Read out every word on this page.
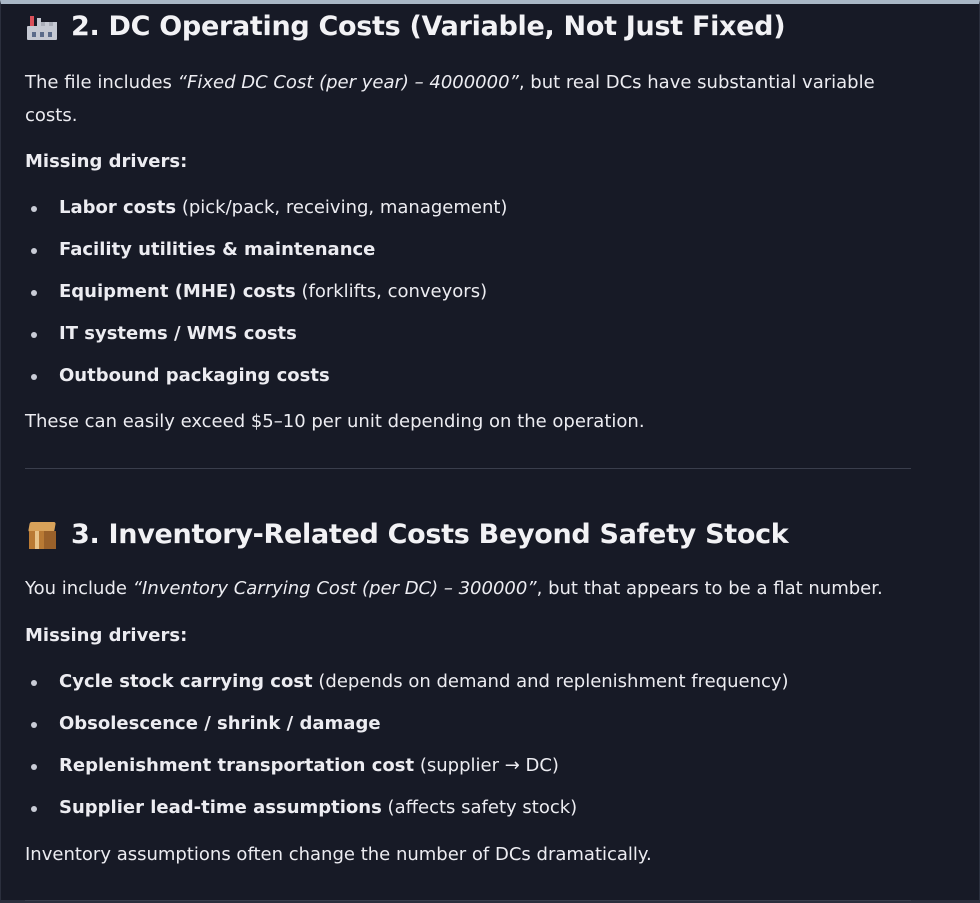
2. DC Operating Costs (Variable, Not Just Fixed)

The file includes “Fixed DC Cost (per year) – 4000000”, but real DCs have substantial variable
costs.

Missing drivers:

Labor costs (pick/pack, receiving, management)
Facility utilities & maintenance
Equipment (MHE) costs (forklifts, conveyors)
IT systems / WMS costs
Outbound packaging costs

These can easily exceed $5–10 per unit depending on the operation.

3. Inventory-Related Costs Beyond Safety Stock

You include “Inventory Carrying Cost (per DC) – 300000”, but that appears to be a flat number.

Missing drivers:

Cycle stock carrying cost (depends on demand and replenishment frequency)
Obsolescence / shrink / damage
Replenishment transportation cost (supplier → DC)
Supplier lead-time assumptions (affects safety stock)

Inventory assumptions often change the number of DCs dramatically.
